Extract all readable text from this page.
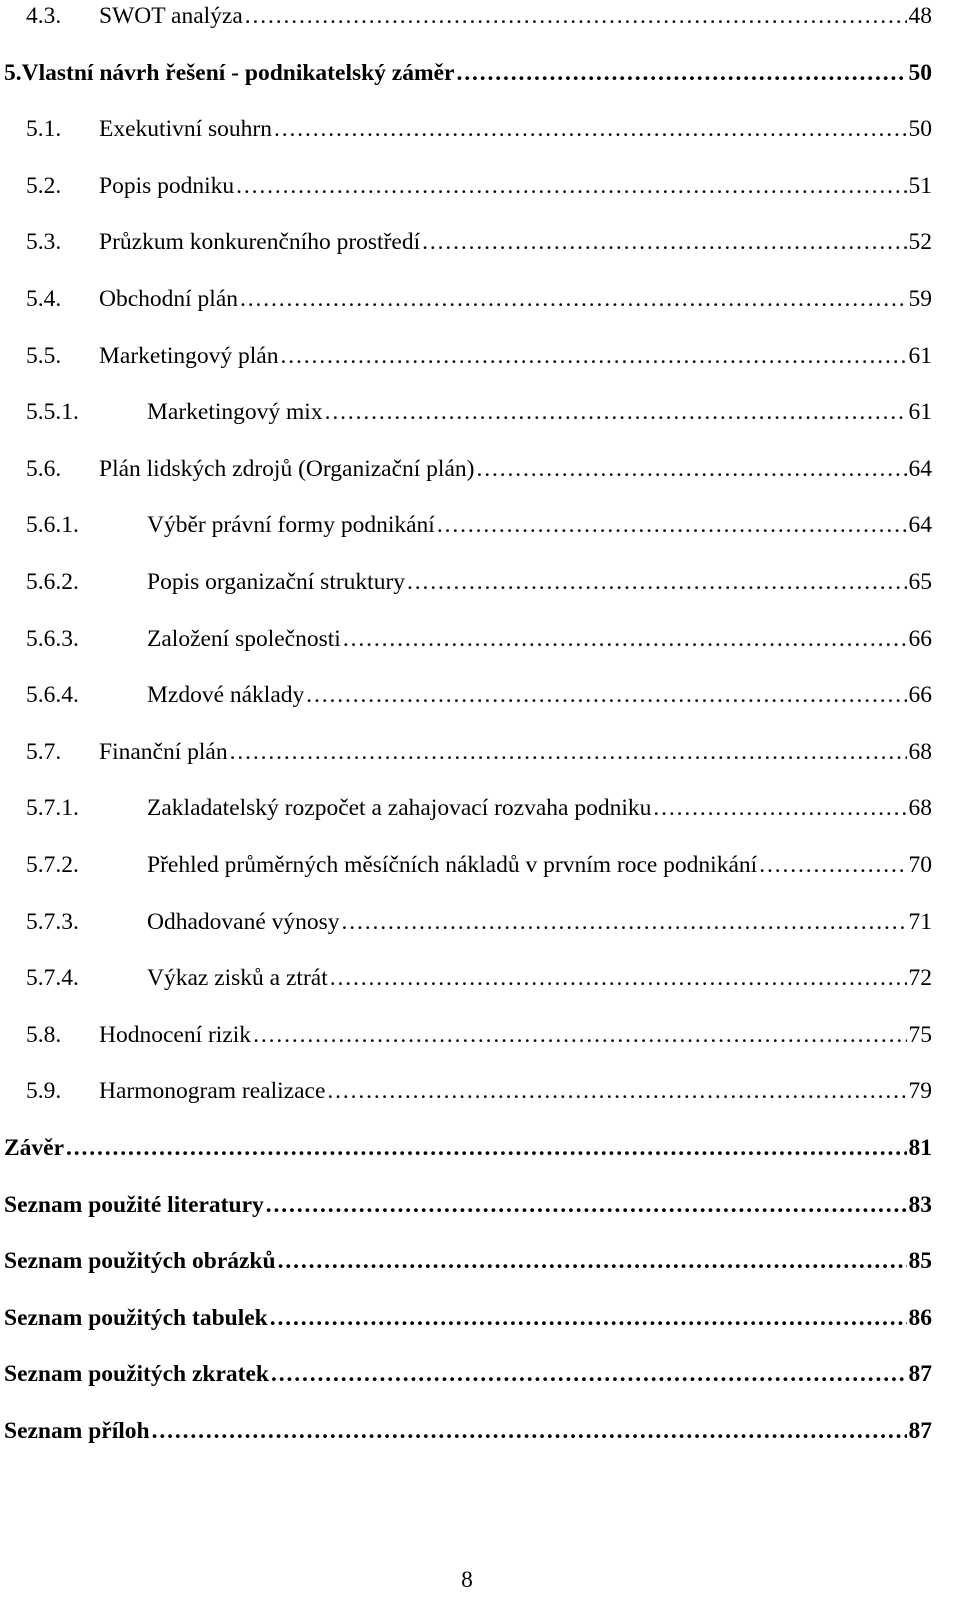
4.3.	SWOT analýza . . .	48
5. Vlastní návrh řešení - podnikatelský záměr . . .	50
5.1.	Exekutivní souhrn . . .	50
5.2.	Popis podniku . . .	51
5.3.	Průzkum konkurenčního prostředí . . .	52
5.4.	Obchodní plán . . .	59
5.5.	Marketingový plán . . .	61
5.5.1.	Marketingový mix . . .	61
5.6.	Plán lidských zdrojů (Organizační plán) . . .	64
5.6.1.	Výběr právní formy podnikání . . .	64
5.6.2.	Popis organizační struktury . . .	65
5.6.3.	Založení společnosti . . .	66
5.6.4.	Mzdové náklady . . .	66
5.7.	Finanční plán . . .	68
5.7.1.	Zakladatelský rozpočet a zahajovací rozvaha podniku . . .	68
5.7.2.	Přehled průměrných měsíčních nákladů v prvním roce podnikání . . .	70
5.7.3.	Odhadované výnosy . . .	71
5.7.4.	Výkaz zisků a ztrát . . .	72
5.8.	Hodnocení rizik . . .	75
5.9.	Harmonogram realizace . . .	79
Závěr . . .	81
Seznam použité literatury . . .	83
Seznam použitých obrázků . . .	85
Seznam použitých tabulek . . .	86
Seznam použitých zkratek . . .	87
Seznam příloh . . .	87
8
